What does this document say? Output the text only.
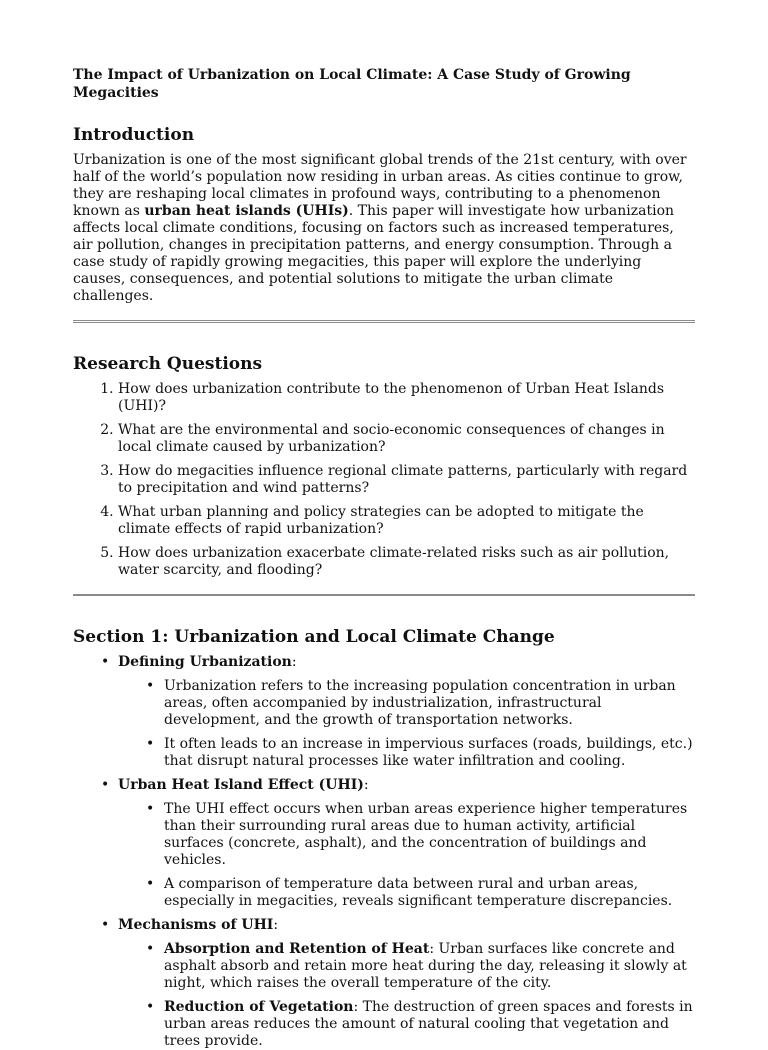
The Impact of Urbanization on Local Climate: A Case Study of Growing Megacities
Introduction

Urbanization is one of the most significant global trends of the 21st century, with over half of the world’s population now residing in urban areas. As cities continue to grow, they are reshaping local climates in profound ways, contributing to a phenomenon known as urban heat islands (UHIs). This paper will investigate how urbanization affects local climate conditions, focusing on factors such as increased temperatures, air pollution, changes in precipitation patterns, and energy consumption. Through a case study of rapidly growing megacities, this paper will explore the underlying causes, consequences, and potential solutions to mitigate the urban climate challenges.

Research Questions
1. How does urbanization contribute to the phenomenon of Urban Heat Islands (UHI)?
2. What are the environmental and socio-economic consequences of changes in local climate caused by urbanization?
3. How do megacities influence regional climate patterns, particularly with regard to precipitation and wind patterns?
4. What urban planning and policy strategies can be adopted to mitigate the climate effects of rapid urbanization?
5. How does urbanization exacerbate climate-related risks such as air pollution, water scarcity, and flooding?
Section 1: Urbanization and Local Climate Change
• Defining Urbanization:
• Urbanization refers to the increasing population concentration in urban areas, often accompanied by industrialization, infrastructural development, and the growth of transportation networks.
• It often leads to an increase in impervious surfaces (roads, buildings, etc.) that disrupt natural processes like water infiltration and cooling.
• Urban Heat Island Effect (UHI):
• The UHI effect occurs when urban areas experience higher temperatures than their surrounding rural areas due to human activity, artificial surfaces (concrete, asphalt), and the concentration of buildings and vehicles.
• A comparison of temperature data between rural and urban areas, especially in megacities, reveals significant temperature discrepancies.
• Mechanisms of UHI:
• Absorption and Retention of Heat: Urban surfaces like concrete and asphalt absorb and retain more heat during the day, releasing it slowly at night, which raises the overall temperature of the city.
• Reduction of Vegetation: The destruction of green spaces and forests in urban areas reduces the amount of natural cooling that vegetation and trees provide.
